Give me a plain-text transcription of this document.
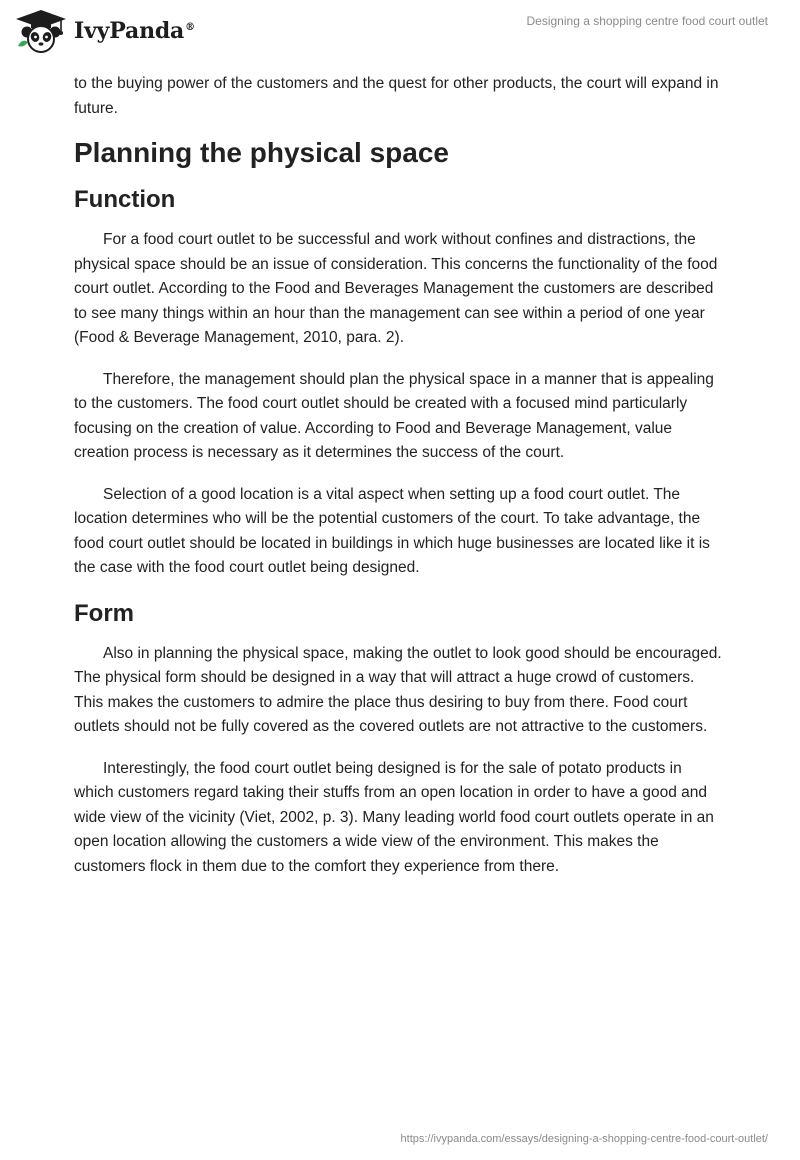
IvyPanda®	Designing a shopping centre food court outlet

to the buying power of the customers and the quest for other products, the court will expand in future.

Planning the physical space
Function

For a food court outlet to be successful and work without confines and distractions, the physical space should be an issue of consideration. This concerns the functionality of the food court outlet. According to the Food and Beverages Management the customers are described to see many things within an hour than the management can see within a period of one year (Food & Beverage Management, 2010, para. 2).

Therefore, the management should plan the physical space in a manner that is appealing to the customers. The food court outlet should be created with a focused mind particularly focusing on the creation of value. According to Food and Beverage Management, value creation process is necessary as it determines the success of the court.

Selection of a good location is a vital aspect when setting up a food court outlet. The location determines who will be the potential customers of the court. To take advantage, the food court outlet should be located in buildings in which huge businesses are located like it is the case with the food court outlet being designed.

Form

Also in planning the physical space, making the outlet to look good should be encouraged. The physical form should be designed in a way that will attract a huge crowd of customers. This makes the customers to admire the place thus desiring to buy from there. Food court outlets should not be fully covered as the covered outlets are not attractive to the customers.

Interestingly, the food court outlet being designed is for the sale of potato products in which customers regard taking their stuffs from an open location in order to have a good and wide view of the vicinity (Viet, 2002, p. 3). Many leading world food court outlets operate in an open location allowing the customers a wide view of the environment. This makes the customers flock in them due to the comfort they experience from there.

https://ivypanda.com/essays/designing-a-shopping-centre-food-court-outlet/
